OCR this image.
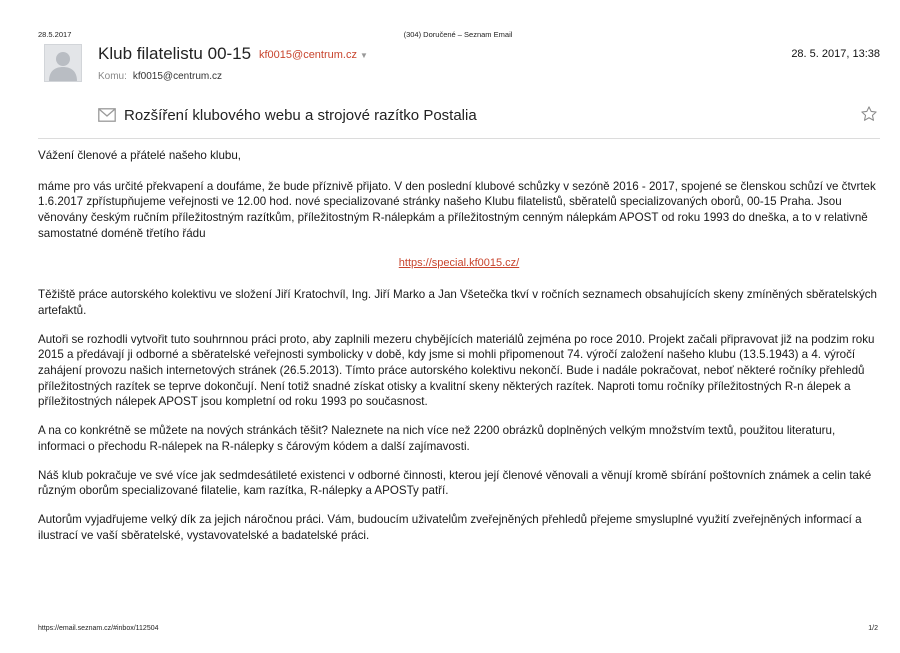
28.5.2017	(304) Doručené – Seznam Email
Klub filatelistu 00-15 kf0015@centrum.cz ▼
Komu: kf0015@centrum.cz
28. 5. 2017, 13:38
Rozšíření klubového webu a strojové razítko Postalia

Vážení členové a přátelé našeho klubu,

máme pro vás určité překvapení a doufáme, že bude příznivě přijato. V den poslední klubové schůzky v sezóně 2016 - 2017, spojené se členskou schůzí ve čtvrtek 1.6.2017 zpřístupňujeme veřejnosti ve 12.00 hod. nové specializované stránky našeho Klubu filatelistů, sběratelů specializovaných oborů, 00-15 Praha. Jsou věnovány českým ručním příležitostným razítkům, příležitostným R-nálepkám a příležitostným cenným nálepkám APOST od roku 1993 do dneška, a to v relativně samostatné doméně třetího řádu

https://special.kf0015.cz/

Těžiště práce autorského kolektivu ve složení Jiří Kratochvíl, Ing. Jiří Marko a Jan Všetečka tkví v ročních seznamech obsahujících skeny zmíněných sběratelských artefaktů.

Autoři se rozhodli vytvořit tuto souhrnnou práci proto, aby zaplnili mezeru chybějících materiálů zejména po roce 2010. Projekt začali připravovat již na podzim roku 2015 a předávají ji odborné a sběratelské veřejnosti symbolicky v době, kdy jsme si mohli připomenout 74. výročí založení našeho klubu (13.5.1943) a 4. výročí zahájení provozu našich internetových stránek (26.5.2013). Tímto práce autorského kolektivu nekončí. Bude i nadále pokračovat, neboť některé ročníky přehledů příležitostných razítek se teprve dokončují. Není totiž snadné získat otisky a kvalitní skeny některých razítek. Naproti tomu ročníky příležitostných R-n álepek a příležitostných nálepek APOST jsou kompletní od roku 1993 po současnost.

A na co konkrétně se můžete na nových stránkách těšit? Naleznete na nich více než 2200 obrázků doplněných velkým množstvím textů, použitou literaturu, informaci o přechodu R-nálepek na R-nálepky s čárovým kódem a další zajímavosti.

Náš klub pokračuje ve své více jak sedmdesátileté existenci v odborné činnosti, kterou její členové věnovali a věnují kromě sbírání poštovních známek a celin také různým oborům specializované filatelie, kam razítka, R-nálepky a APOSTy patří.

Autorům vyjadřujeme velký dík za jejich náročnou práci. Vám, budoucím uživatelům zveřejněných přehledů přejeme smysluplné využití zveřejněných informací a ilustrací ve vaší sběratelské, vystavovatelské a badatelské práci.

https://email.seznam.cz/#inbox/112504	1/2
